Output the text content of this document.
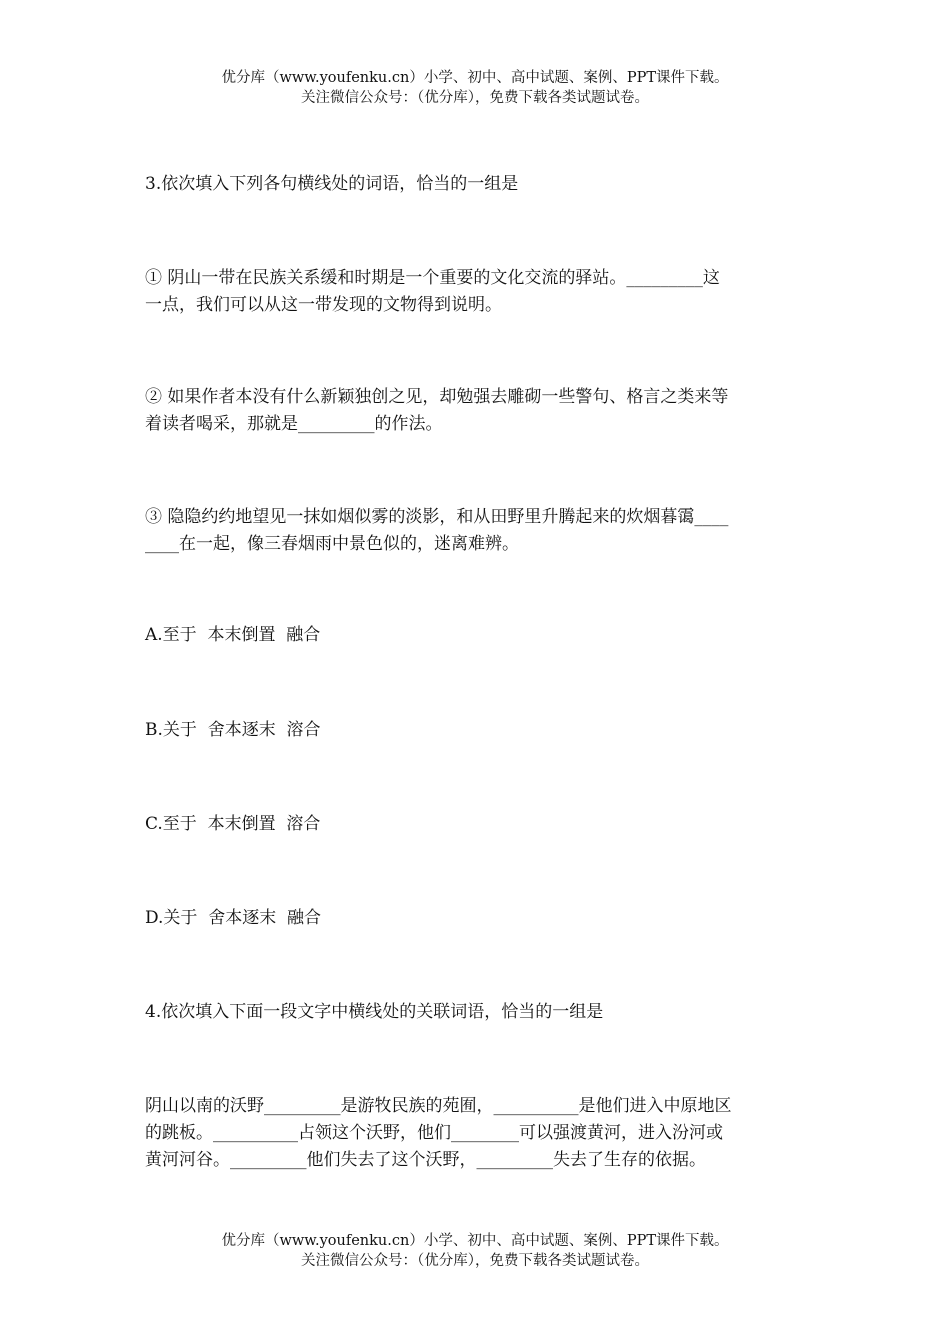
优分库（www.youfenku.cn）小学、初中、高中试题、案例、PPT课件下载。
关注微信公众号：（优分库），免费下载各类试题试卷。
3.依次填入下列各句横线处的词语，恰当的一组是
① 阴山一带在民族关系缓和时期是一个重要的文化交流的驿站。_________这
一点，我们可以从这一带发现的文物得到说明。
② 如果作者本没有什么新颖独创之见，却勉强去雕砌一些警句、格言之类来等
着读者喝采，那就是_________的作法。
③ 隐隐约约地望见一抹如烟似雾的淡影，和从田野里升腾起来的炊烟暮霭____
____在一起，像三春烟雨中景色似的，迷离难辨。
A.至于  本末倒置  融合
B.关于  舍本逐末  溶合
C.至于  本末倒置  溶合
D.关于  舍本逐末  融合
4.依次填入下面一段文字中横线处的关联词语，恰当的一组是
阴山以南的沃野_________是游牧民族的苑囿，__________是他们进入中原地区
的跳板。__________占领这个沃野，他们________可以强渡黄河，进入汾河或
黄河河谷。_________他们失去了这个沃野，_________失去了生存的依据。
优分库（www.youfenku.cn）小学、初中、高中试题、案例、PPT课件下载。
关注微信公众号：（优分库），免费下载各类试题试卷。
